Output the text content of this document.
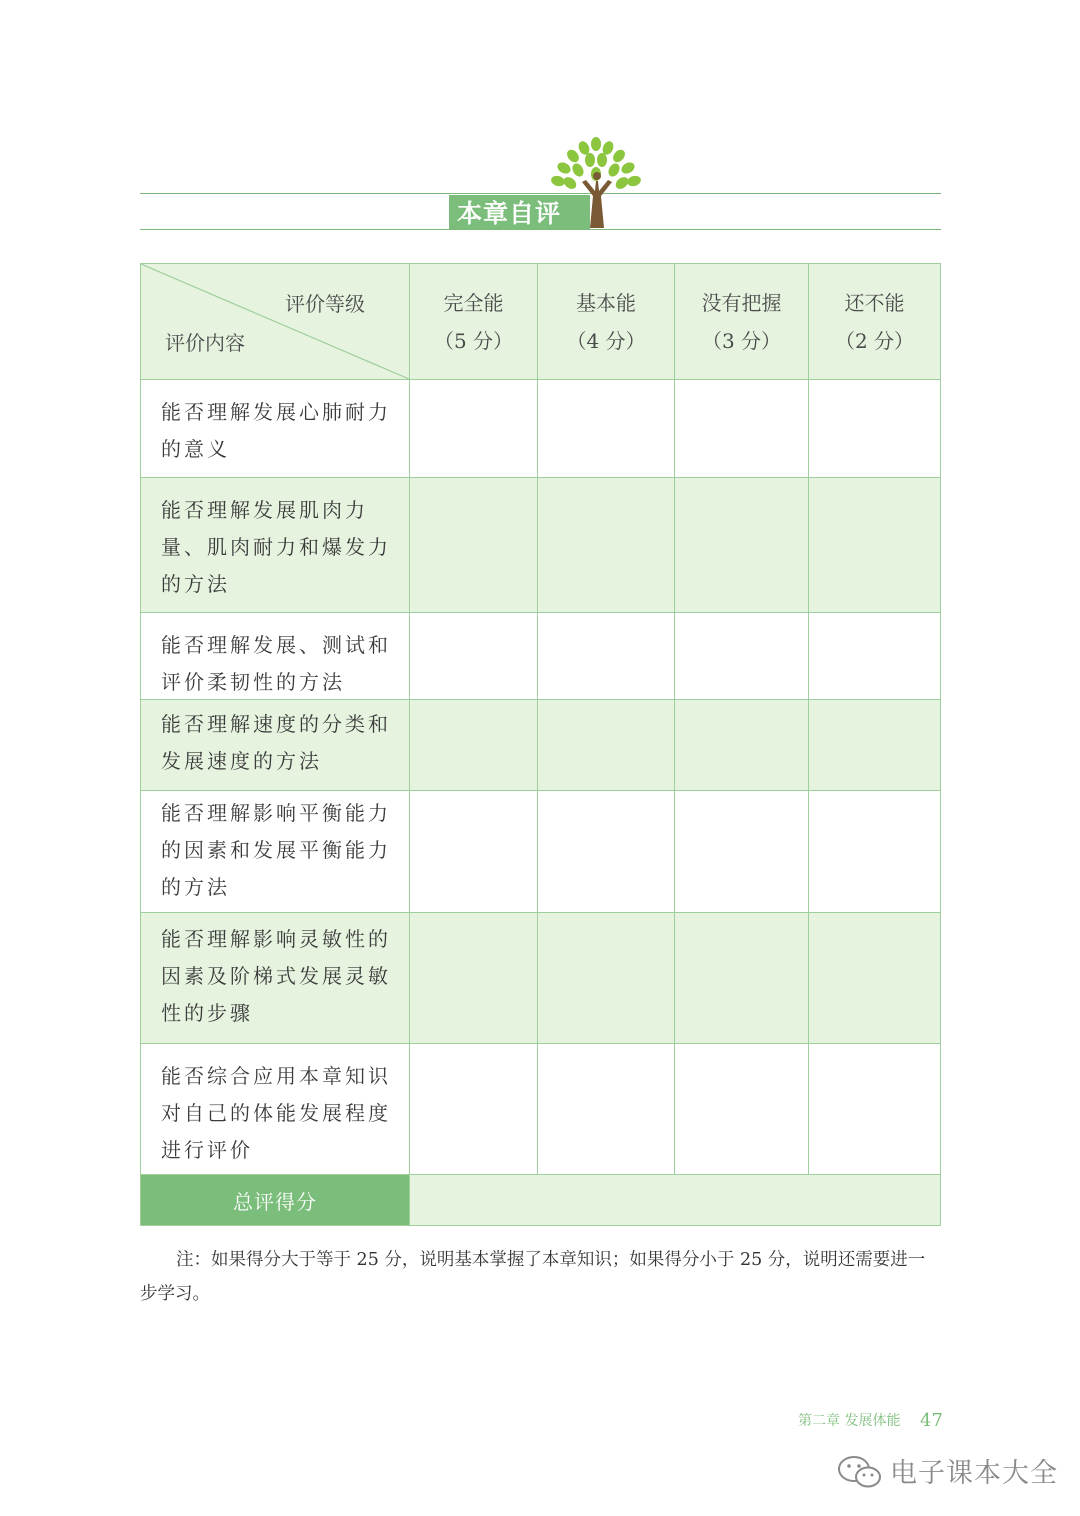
本章自评
评价等级
评价内容
完全能
（5 分）
基本能
（4 分）
没有把握
（3 分）
还不能
（2 分）
能否理解发展心肺耐力
的意义
能否理解发展肌肉力
量、肌肉耐力和爆发力
的方法
能否理解发展、测试和
评价柔韧性的方法
能否理解速度的分类和
发展速度的方法
能否理解影响平衡能力
的因素和发展平衡能力
的方法
能否理解影响灵敏性的
因素及阶梯式发展灵敏
性的步骤
能否综合应用本章知识
对自己的体能发展程度
进行评价
总评得分
注：如果得分大于等于 25 分，说明基本掌握了本章知识；如果得分小于 25 分，说明还需要进一步学习。
第二章 发展体能 47
电子课本大全
